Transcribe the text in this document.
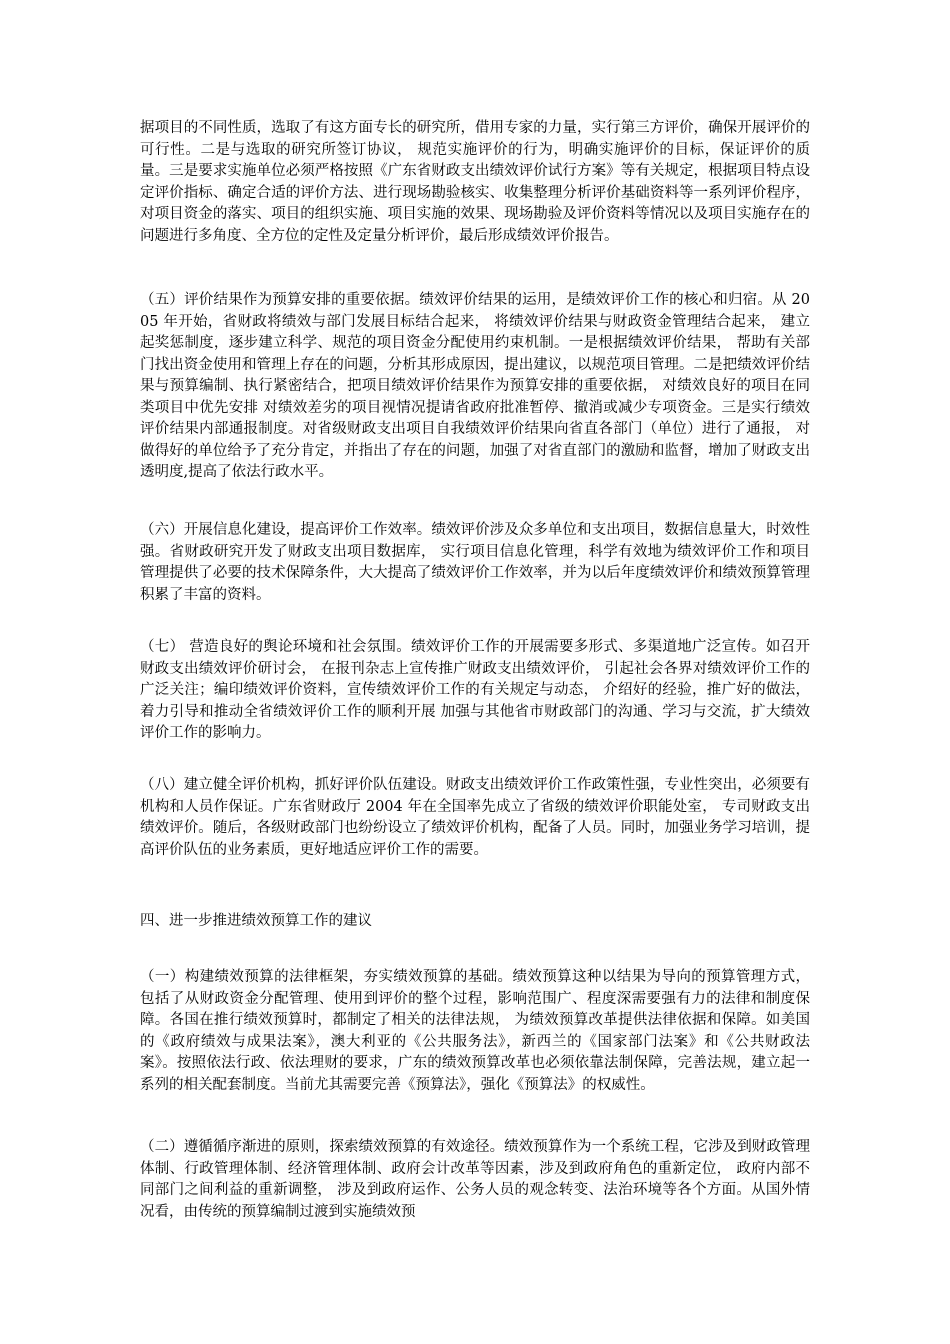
据项目的不同性质，选取了有这方面专长的研究所，借用专家的力量，实行第三方评价，确保开展评价的可行性。二是与选取的研究所签订协议， 规范实施评价的行为，明确实施评价的目标，保证评价的质量。三是要求实施单位必须严格按照《广东省财政支出绩效评价试行方案》等有关规定，根据项目特点设定评价指标、确定合适的评价方法、进行现场勘验核实、收集整理分析评价基础资料等一系列评价程序，对项目资金的落实、项目的组织实施、项目实施的效果、现场勘验及评价资料等情况以及项目实施存在的问题进行多角度、全方位的定性及定量分析评价，最后形成绩效评价报告。

（五）评价结果作为预算安排的重要依据。绩效评价结果的运用，是绩效评价工作的核心和归宿。从 2005 年开始，省财政将绩效与部门发展目标结合起来， 将绩效评价结果与财政资金管理结合起来， 建立起奖惩制度，逐步建立科学、规范的项目资金分配使用约束机制。一是根据绩效评价结果， 帮助有关部门找出资金使用和管理上存在的问题，分析其形成原因，提出建议，以规范项目管理。二是把绩效评价结果与预算编制、执行紧密结合，把项目绩效评价结果作为预算安排的重要依据， 对绩效良好的项目在同类项目中优先安排 对绩效差劣的项目视情况提请省政府批准暂停、撤消或减少专项资金。三是实行绩效评价结果内部通报制度。对省级财政支出项目自我绩效评价结果向省直各部门（单位）进行了通报， 对做得好的单位给予了充分肯定，并指出了存在的问题，加强了对省直部门的激励和监督，增加了财政支出透明度,提高了依法行政水平。

（六）开展信息化建设，提高评价工作效率。绩效评价涉及众多单位和支出项目，数据信息量大，时效性强。省财政研究开发了财政支出项目数据库， 实行项目信息化管理，科学有效地为绩效评价工作和项目管理提供了必要的技术保障条件，大大提高了绩效评价工作效率，并为以后年度绩效评价和绩效预算管理积累了丰富的资料。

（七） 营造良好的舆论环境和社会氛围。绩效评价工作的开展需要多形式、多渠道地广泛宣传。如召开财政支出绩效评价研讨会， 在报刊杂志上宣传推广财政支出绩效评价， 引起社会各界对绩效评价工作的广泛关注；编印绩效评价资料，宣传绩效评价工作的有关规定与动态， 介绍好的经验，推广好的做法，着力引导和推动全省绩效评价工作的顺利开展 加强与其他省市财政部门的沟通、学习与交流，扩大绩效评价工作的影响力。

（八）建立健全评价机构，抓好评价队伍建设。财政支出绩效评价工作政策性强，专业性突出，必须要有机构和人员作保证。广东省财政厅 2004 年在全国率先成立了省级的绩效评价职能处室， 专司财政支出绩效评价。随后，各级财政部门也纷纷设立了绩效评价机构，配备了人员。同时，加强业务学习培训，提高评价队伍的业务素质，更好地适应评价工作的需要。

四、进一步推进绩效预算工作的建议

（一）构建绩效预算的法律框架，夯实绩效预算的基础。绩效预算这种以结果为导向的预算管理方式， 包括了从财政资金分配管理、使用到评价的整个过程，影响范围广、程度深需要强有力的法律和制度保障。各国在推行绩效预算时，都制定了相关的法律法规， 为绩效预算改革提供法律依据和保障。如美国的《政府绩效与成果法案》，澳大利亚的《公共服务法》，新西兰的《国家部门法案》和《公共财政法案》。按照依法行政、依法理财的要求，广东的绩效预算改革也必须依靠法制保障，完善法规，建立起一系列的相关配套制度。当前尤其需要完善《预算法》，强化《预算法》的权威性。

（二）遵循循序渐进的原则，探索绩效预算的有效途径。绩效预算作为一个系统工程，它涉及到财政管理体制、行政管理体制、经济管理体制、政府会计改革等因素，涉及到政府角色的重新定位， 政府内部不同部门之间利益的重新调整， 涉及到政府运作、公务人员的观念转变、法治环境等各个方面。从国外情况看，由传统的预算编制过渡到实施绩效预
